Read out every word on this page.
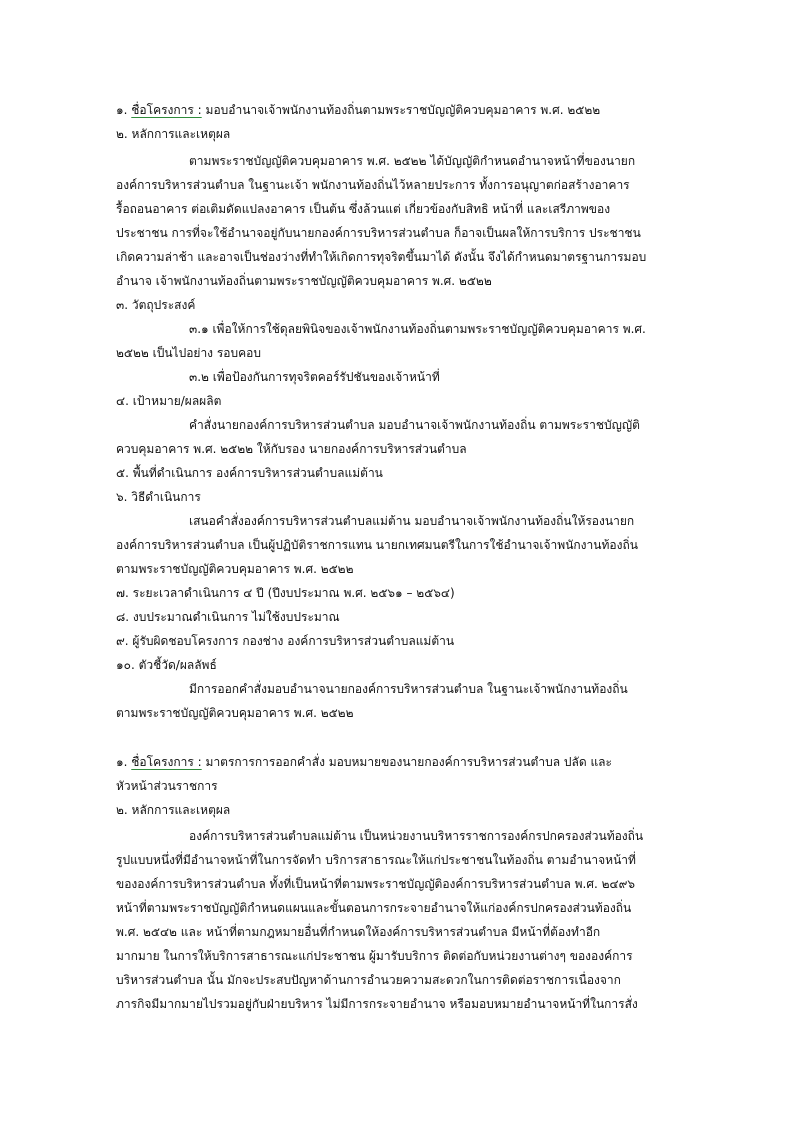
๑. ชื่อโครงการ : มอบอำนาจเจ้าพนักงานท้องถิ่นตามพระราชบัญญัติควบคุมอาคาร พ.ศ. ๒๕๒๒
๒. หลักการและเหตุผล
ตามพระราชบัญญัติควบคุมอาคาร พ.ศ. ๒๕๒๒ ได้บัญญัติกำหนดอำนาจหน้าที่ของนายก
องค์การบริหารส่วนตำบล ในฐานะเจ้า พนักงานท้องถิ่นไว้หลายประการ ทั้งการอนุญาตก่อสร้างอาคาร
รื้อถอนอาคาร ต่อเติมดัดแปลงอาคาร เป็นต้น ซึ่งล้วนแต่ เกี่ยวข้องกับสิทธิ หน้าที่ และเสรีภาพของ
ประชาชน การที่จะใช้อำนาจอยู่กับนายกองค์การบริหารส่วนตำบล ก็อาจเป็นผลให้การบริการ ประชาชน
เกิดความล่าช้า และอาจเป็นช่องว่างที่ทำให้เกิดการทุจริตขึ้นมาได้ ดังนั้น จึงได้กำหนดมาตรฐานการมอบ
อำนาจ เจ้าพนักงานท้องถิ่นตามพระราชบัญญัติควบคุมอาคาร พ.ศ. ๒๕๒๒
๓. วัตถุประสงค์
๓.๑ เพื่อให้การใช้ดุลยพินิจของเจ้าพนักงานท้องถิ่นตามพระราชบัญญัติควบคุมอาคาร พ.ศ.
๒๕๒๒ เป็นไปอย่าง รอบคอบ
๓.๒ เพื่อป้องกันการทุจริตคอร์รัปชันของเจ้าหน้าที่
๔. เป้าหมาย/ผลผลิต
คำสั่งนายกองค์การบริหารส่วนตำบล มอบอำนาจเจ้าพนักงานท้องถิ่น ตามพระราชบัญญัติ
ควบคุมอาคาร พ.ศ. ๒๕๒๒ ให้กับรอง นายกองค์การบริหารส่วนตำบล
๕. พื้นที่ดำเนินการ องค์การบริหารส่วนตำบลแม่ต้าน
๖. วิธีดำเนินการ
เสนอคำสั่งองค์การบริหารส่วนตำบลแม่ต้าน มอบอำนาจเจ้าพนักงานท้องถิ่นให้รองนายก
องค์การบริหารส่วนตำบล เป็นผู้ปฏิบัติราชการแทน นายกเทศมนตรีในการใช้อำนาจเจ้าพนักงานท้องถิ่น
ตามพระราชบัญญัติควบคุมอาคาร พ.ศ. ๒๕๒๒
๗. ระยะเวลาดำเนินการ ๔ ปี (ปีงบประมาณ พ.ศ. ๒๕๖๑ – ๒๕๖๔)
๘. งบประมาณดำเนินการ ไม่ใช้งบประมาณ
๙. ผู้รับผิดชอบโครงการ กองช่าง องค์การบริหารส่วนตำบลแม่ต้าน
๑๐. ตัวชี้วัด/ผลลัพธ์
มีการออกคำสั่งมอบอำนาจนายกองค์การบริหารส่วนตำบล ในฐานะเจ้าพนักงานท้องถิ่น
ตามพระราชบัญญัติควบคุมอาคาร พ.ศ. ๒๕๒๒
๑. ชื่อโครงการ : มาตรการการออกคำสั่ง มอบหมายของนายกองค์การบริหารส่วนตำบล ปลัด และ
หัวหน้าส่วนราชการ
๒. หลักการและเหตุผล
องค์การบริหารส่วนตำบลแม่ต้าน เป็นหน่วยงานบริหารราชการองค์กรปกครองส่วนท้องถิ่น
รูปแบบหนึ่งที่มีอำนาจหน้าที่ในการจัดทำ บริการสาธารณะให้แก่ประชาชนในท้องถิ่น ตามอำนาจหน้าที่
ขององค์การบริหารส่วนตำบล ทั้งที่เป็นหน้าที่ตามพระราชบัญญัติองค์การบริหารส่วนตำบล พ.ศ. ๒๔๙๖
หน้าที่ตามพระราชบัญญัติกำหนดแผนและขั้นตอนการกระจายอำนาจให้แก่องค์กรปกครองส่วนท้องถิ่น
พ.ศ. ๒๕๔๒ และ หน้าที่ตามกฎหมายอื่นที่กำหนดให้องค์การบริหารส่วนตำบล มีหน้าที่ต้องทำอีก
มากมาย ในการให้บริการสาธารณะแก่ประชาชน ผู้มารับบริการ ติดต่อกับหน่วยงานต่างๆ ขององค์การ
บริหารส่วนตำบล นั้น มักจะประสบปัญหาด้านการอำนวยความสะดวกในการติดต่อราชการเนื่องจาก
ภารกิจมีมากมายไปรวมอยู่กับฝ่ายบริหาร ไม่มีการกระจายอำนาจ หรือมอบหมายอำนาจหน้าที่ในการสั่ง
